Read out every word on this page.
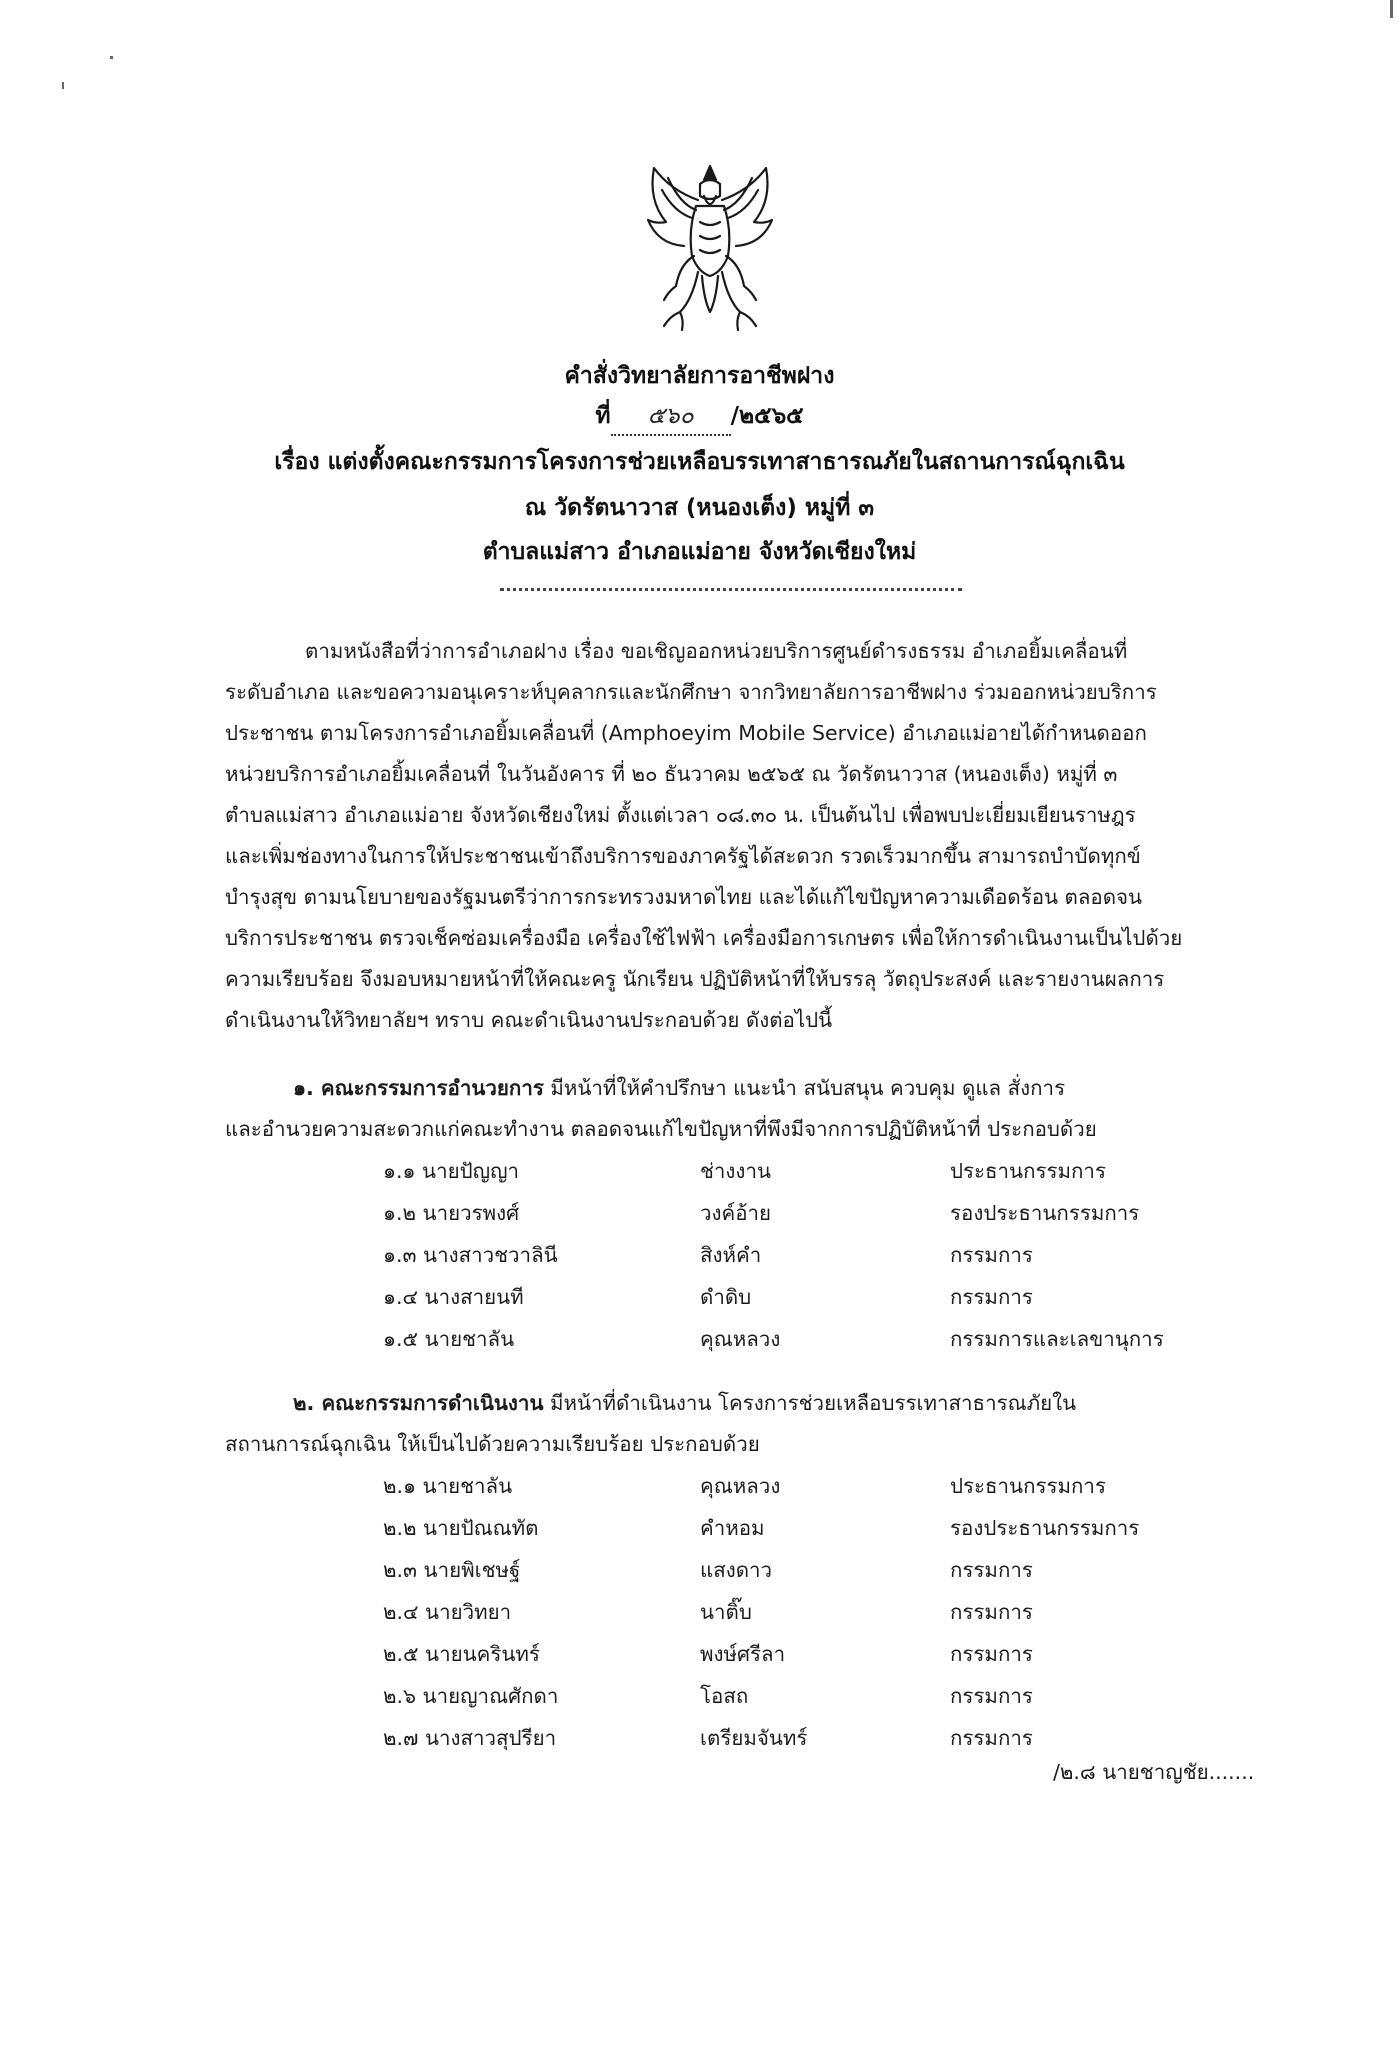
คำสั่งวิทยาลัยการอาชีพฝาง
ที่ ๕๖๐ /๒๕๖๕
เรื่อง แต่งตั้งคณะกรรมการโครงการช่วยเหลือบรรเทาสาธารณภัยในสถานการณ์ฉุกเฉิน
ณ วัดรัตนาวาส (หนองเต็ง) หมู่ที่ ๓
ตำบลแม่สาว อำเภอแม่อาย จังหวัดเชียงใหม่
ตามหนังสือที่ว่าการอำเภอฝาง เรื่อง ขอเชิญออกหน่วยบริการศูนย์ดำรงธรรม อำเภอยิ้มเคลื่อนที่
ระดับอำเภอ และขอความอนุเคราะห์บุคลากรและนักศึกษา จากวิทยาลัยการอาชีพฝาง ร่วมออกหน่วยบริการ
ประชาชน ตามโครงการอำเภอยิ้มเคลื่อนที่ (Amphoeyim Mobile Service) อำเภอแม่อายได้กำหนดออก
หน่วยบริการอำเภอยิ้มเคลื่อนที่ ในวันอังคาร ที่ ๒๐ ธันวาคม ๒๕๖๕ ณ วัดรัตนาวาส (หนองเต็ง) หมู่ที่ ๓
ตำบลแม่สาว อำเภอแม่อาย จังหวัดเชียงใหม่ ตั้งแต่เวลา ๐๘.๓๐ น. เป็นต้นไป เพื่อพบปะเยี่ยมเยียนราษฎร
และเพิ่มช่องทางในการให้ประชาชนเข้าถึงบริการของภาครัฐได้สะดวก รวดเร็วมากขึ้น สามารถบำบัดทุกข์
บำรุงสุข ตามนโยบายของรัฐมนตรีว่าการกระทรวงมหาดไทย และได้แก้ไขปัญหาความเดือดร้อน ตลอดจน
บริการประชาชน ตรวจเช็คซ่อมเครื่องมือ เครื่องใช้ไฟฟ้า เครื่องมือการเกษตร เพื่อให้การดำเนินงานเป็นไปด้วย
ความเรียบร้อย จึงมอบหมายหน้าที่ให้คณะครู นักเรียน ปฏิบัติหน้าที่ให้บรรลุ วัตถุประสงค์ และรายงานผลการ
ดำเนินงานให้วิทยาลัยฯ ทราบ คณะดำเนินงานประกอบด้วย ดังต่อไปนี้
๑. คณะกรรมการอำนวยการ มีหน้าที่ให้คำปรึกษา แนะนำ สนับสนุน ควบคุม ดูแล สั่งการ
และอำนวยความสะดวกแก่คณะทำงาน ตลอดจนแก้ไขปัญหาที่พึงมีจากการปฏิบัติหน้าที่ ประกอบด้วย
๑.๑ นายปัญญา	ช่างงาน	ประธานกรรมการ
๑.๒ นายวรพงศ์	วงค์อ้าย	รองประธานกรรมการ
๑.๓ นางสาวชวาลินี	สิงห์คำ	กรรมการ
๑.๔ นางสายนที	ดำดิบ	กรรมการ
๑.๕ นายชาลัน	คุณหลวง	กรรมการและเลขานุการ
๒. คณะกรรมการดำเนินงาน มีหน้าที่ดำเนินงาน โครงการช่วยเหลือบรรเทาสาธารณภัยใน
สถานการณ์ฉุกเฉิน ให้เป็นไปด้วยความเรียบร้อย ประกอบด้วย
๒.๑ นายชาลัน	คุณหลวง	ประธานกรรมการ
๒.๒ นายปัณณทัต	คำหอม	รองประธานกรรมการ
๒.๓ นายพิเชษฐ์	แสงดาว	กรรมการ
๒.๔ นายวิทยา	นาติ๊บ	กรรมการ
๒.๕ นายนครินทร์	พงษ์ศรีลา	กรรมการ
๒.๖ นายญาณศักดา	โอสถ	กรรมการ
๒.๗ นางสาวสุปรียา	เตรียมจันทร์	กรรมการ
/๒.๘ นายชาญชัย.......
